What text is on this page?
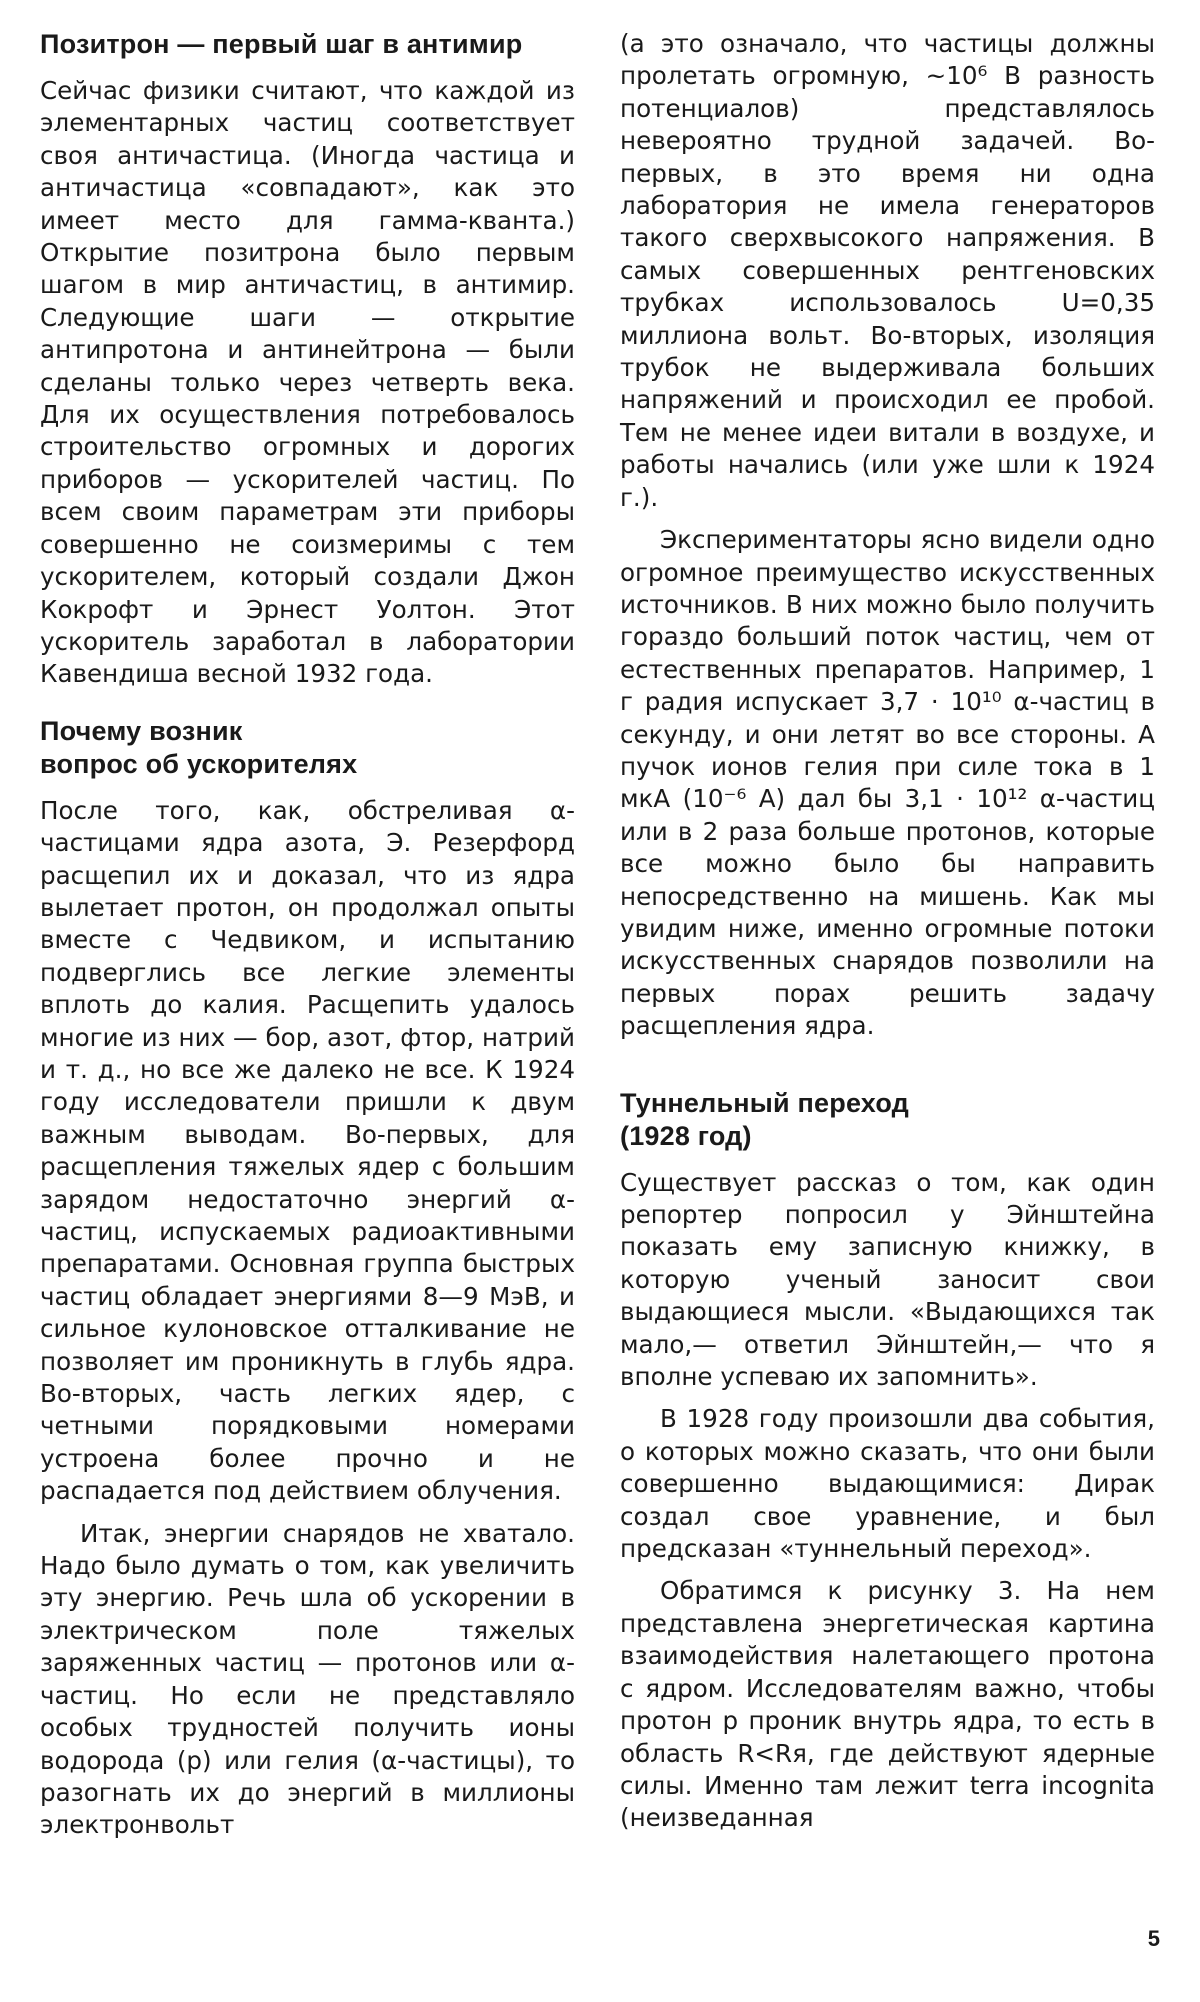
Позитрон — первый шаг в антимир

Сейчас физики считают, что каждой из элементарных частиц соответствует своя античастица. (Иногда частица и античастица «совпадают», как это имеет место для гамма-кванта.) Открытие позитрона было первым шагом в мир античастиц, в антимир. Следующие шаги — открытие антипротона и антинейтрона — были сделаны только через четверть века. Для их осуществления потребовалось строительство огромных и дорогих приборов — ускорителей частиц. По всем своим параметрам эти приборы совершенно не соизмеримы с тем ускорителем, который создали Джон Кокрофт и Эрнест Уолтон. Этот ускоритель заработал в лаборатории Кавендиша весной 1932 года.

Почему возник
вопрос об ускорителях

После того, как, обстреливая α-частицами ядра азота, Э. Резерфорд расщепил их и доказал, что из ядра вылетает протон, он продолжал опыты вместе с Чедвиком, и испытанию подверглись все легкие элементы вплоть до калия. Расщепить удалось многие из них — бор, азот, фтор, натрий и т. д., но все же далеко не все. К 1924 году исследователи пришли к двум важным выводам. Во-первых, для расщепления тяжелых ядер с большим зарядом недостаточно энергий α-частиц, испускаемых радиоактивными препаратами. Основная группа быстрых частиц обладает энергиями 8—9 МэВ, и сильное кулоновское отталкивание не позволяет им проникнуть в глубь ядра. Во-вторых, часть легких ядер, с четными порядковыми номерами устроена более прочно и не распадается под действием облучения.

Итак, энергии снарядов не хватало. Надо было думать о том, как увеличить эту энергию. Речь шла об ускорении в электрическом поле тяжелых заряженных частиц — протонов или α-частиц. Но если не представляло особых трудностей получить ионы водорода (p) или гелия (α-частицы), то разогнать их до энергий в миллионы электронвольт

(а это означало, что частицы должны пролетать огромную, ~10⁶ В разность потенциалов) представлялось невероятно трудной задачей. Во-первых, в это время ни одна лаборатория не имела генераторов такого сверхвысокого напряжения. В самых совершенных рентгеновских трубках использовалось U=0,35 миллиона вольт. Во-вторых, изоляция трубок не выдерживала больших напряжений и происходил ее пробой. Тем не менее идеи витали в воздухе, и работы начались (или уже шли к 1924 г.).

Экспериментаторы ясно видели одно огромное преимущество искусственных источников. В них можно было получить гораздо больший поток частиц, чем от естественных препаратов. Например, 1 г радия испускает 3,7 · 10¹⁰ α-частиц в секунду, и они летят во все стороны. А пучок ионов гелия при силе тока в 1 мкА (10⁻⁶ А) дал бы 3,1 · 10¹² α-частиц или в 2 раза больше протонов, которые все можно было бы направить непосредственно на мишень. Как мы увидим ниже, именно огромные потоки искусственных снарядов позволили на первых порах решить задачу расщепления ядра.

Туннельный переход
(1928 год)

Существует рассказ о том, как один репортер попросил у Эйнштейна показать ему записную книжку, в которую ученый заносит свои выдающиеся мысли. «Выдающихся так мало,— ответил Эйнштейн,— что я вполне успеваю их запомнить».

В 1928 году произошли два события, о которых можно сказать, что они были совершенно выдающимися: Дирак создал свое уравнение, и был предсказан «туннельный переход».

Обратимся к рисунку 3. На нем представлена энергетическая картина взаимодействия налетающего протона с ядром. Исследователям важно, чтобы протон p проник внутрь ядра, то есть в область R<Rя, где действуют ядерные силы. Именно там лежит terra incognita (неизведанная

5
